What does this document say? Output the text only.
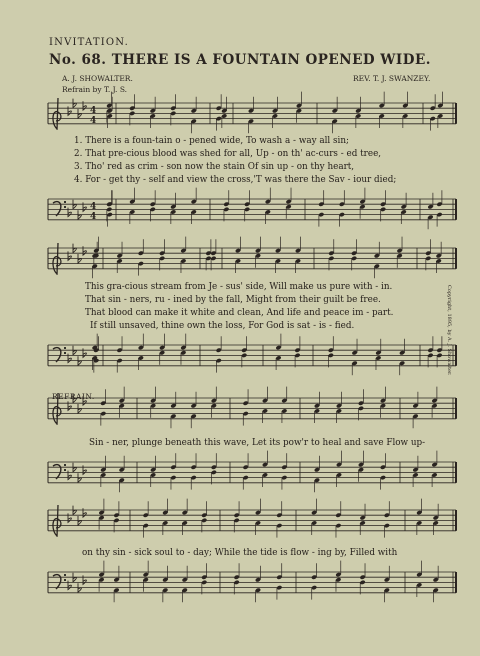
4
4
4
4
INVITATION.
No. 68. THERE IS A FOUNTAIN OPENED WIDE.
A. J. SHOWALTER.
Refrain by T. J. S.
REV. T. J. SWANZEY.
1. There is a foun-tain o - pened wide, To wash a - way all sin;
2. That pre-cious blood was shed for all, Up - on th' ac-curs - ed tree,
3. Tho' red as crim - son now the stain Of sin up - on thy heart,
4. For - get thy - self and view the cross,'T was there the Sav - iour died;
This gra-cious stream from Je - sus' side, Will make us pure with - in.
That sin - ners, ru - ined by the fall, Might from their guilt be free.
That blood can make it white and clean, And life and peace im - part.
If still unsaved, thine own the loss, For God is sat - is - fied.
REFRAIN.
Sin - ner, plunge beneath this wave, Let its pow'r to heal and save Flow up-
on thy sin - sick soul to - day; While the tide is flow - ing by, Filled with
Copyright, 1895, by A. J. Showalter.
